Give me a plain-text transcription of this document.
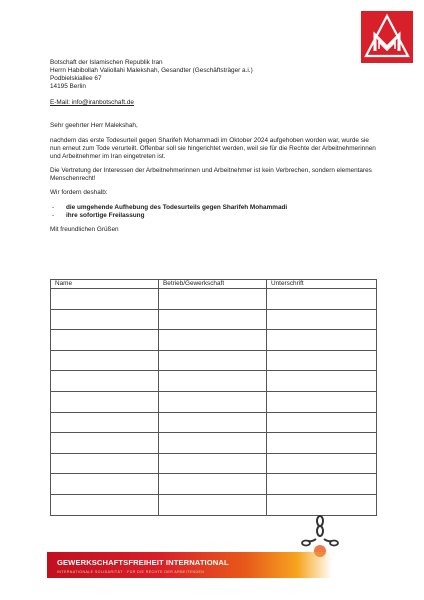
Botschaft der Islamischen Republik Iran
Herrn Habibollah Valiollahi Malekshah, Gesandter (Geschäftsträger a.i.)
Podbielskiallee 67
14195 Berlin
E-Mail: info@iranbotschaft.de
Sehr geehrter Herr Malekshah,
nachdem das erste Todesurteil gegen Sharifeh Mohammadi im Oktober 2024 aufgehoben worden war, wurde sie nun erneut zum Tode verurteilt. Offenbar soll sie hingerichtet werden, weil sie für die Rechte der Arbeitnehmerinnen und Arbeitnehmer im Iran eingetreten ist.
Die Vertretung der Interessen der Arbeitnehmerinnen und Arbeitnehmer ist kein Verbrechen, sondern elementares Menschenrecht!
Wir fordern deshalb:
- die umgehende Aufhebung des Todesurteils gegen Sharifeh Mohammadi
- ihre sofortige Freilassung
Mit freundlichen Grüßen
Name	Betrieb/Gewerkschaft	Unterschrift

GEWERKSCHAFTSFREIHEIT INTERNATIONAL
INTERNATIONALE SOLIDARITÄT · FÜR DIE RECHTE DER ARBEITENDEN
